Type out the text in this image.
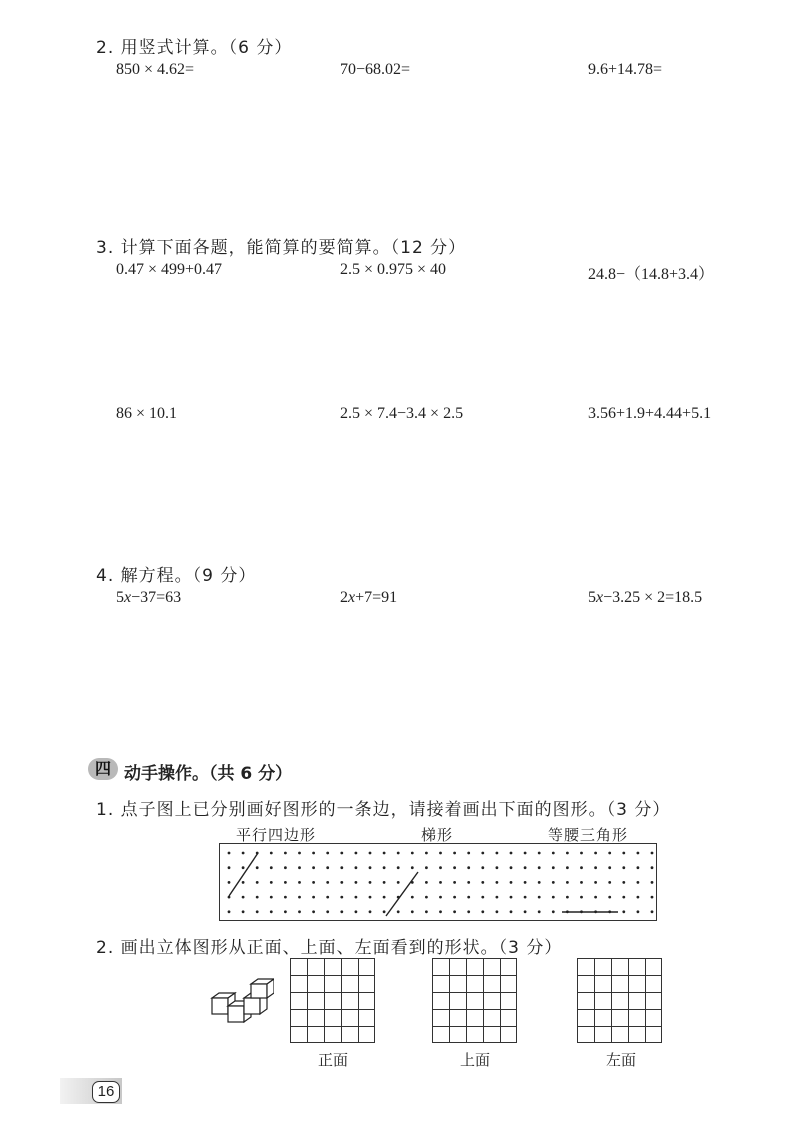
2. 用竖式计算。（6 分）
850 × 4.62=	70−68.02=	9.6+14.78=
3. 计算下面各题，能简算的要简算。（12 分）
0.47 × 499+0.47	2.5 × 0.975 × 40	24.8−（14.8+3.4）
86 × 10.1	2.5 × 7.4−3.4 × 2.5	3.56+1.9+4.44+5.1
4. 解方程。（9 分）
5x−37=63	2x+7=91	5x−3.25 × 2=18.5
四 动手操作。（共 6 分）
1. 点子图上已分别画好图形的一条边，请接着画出下面的图形。（3 分）
平行四边形	梯形	等腰三角形
2. 画出立体图形从正面、上面、左面看到的形状。（3 分）
正面	上面	左面
16
